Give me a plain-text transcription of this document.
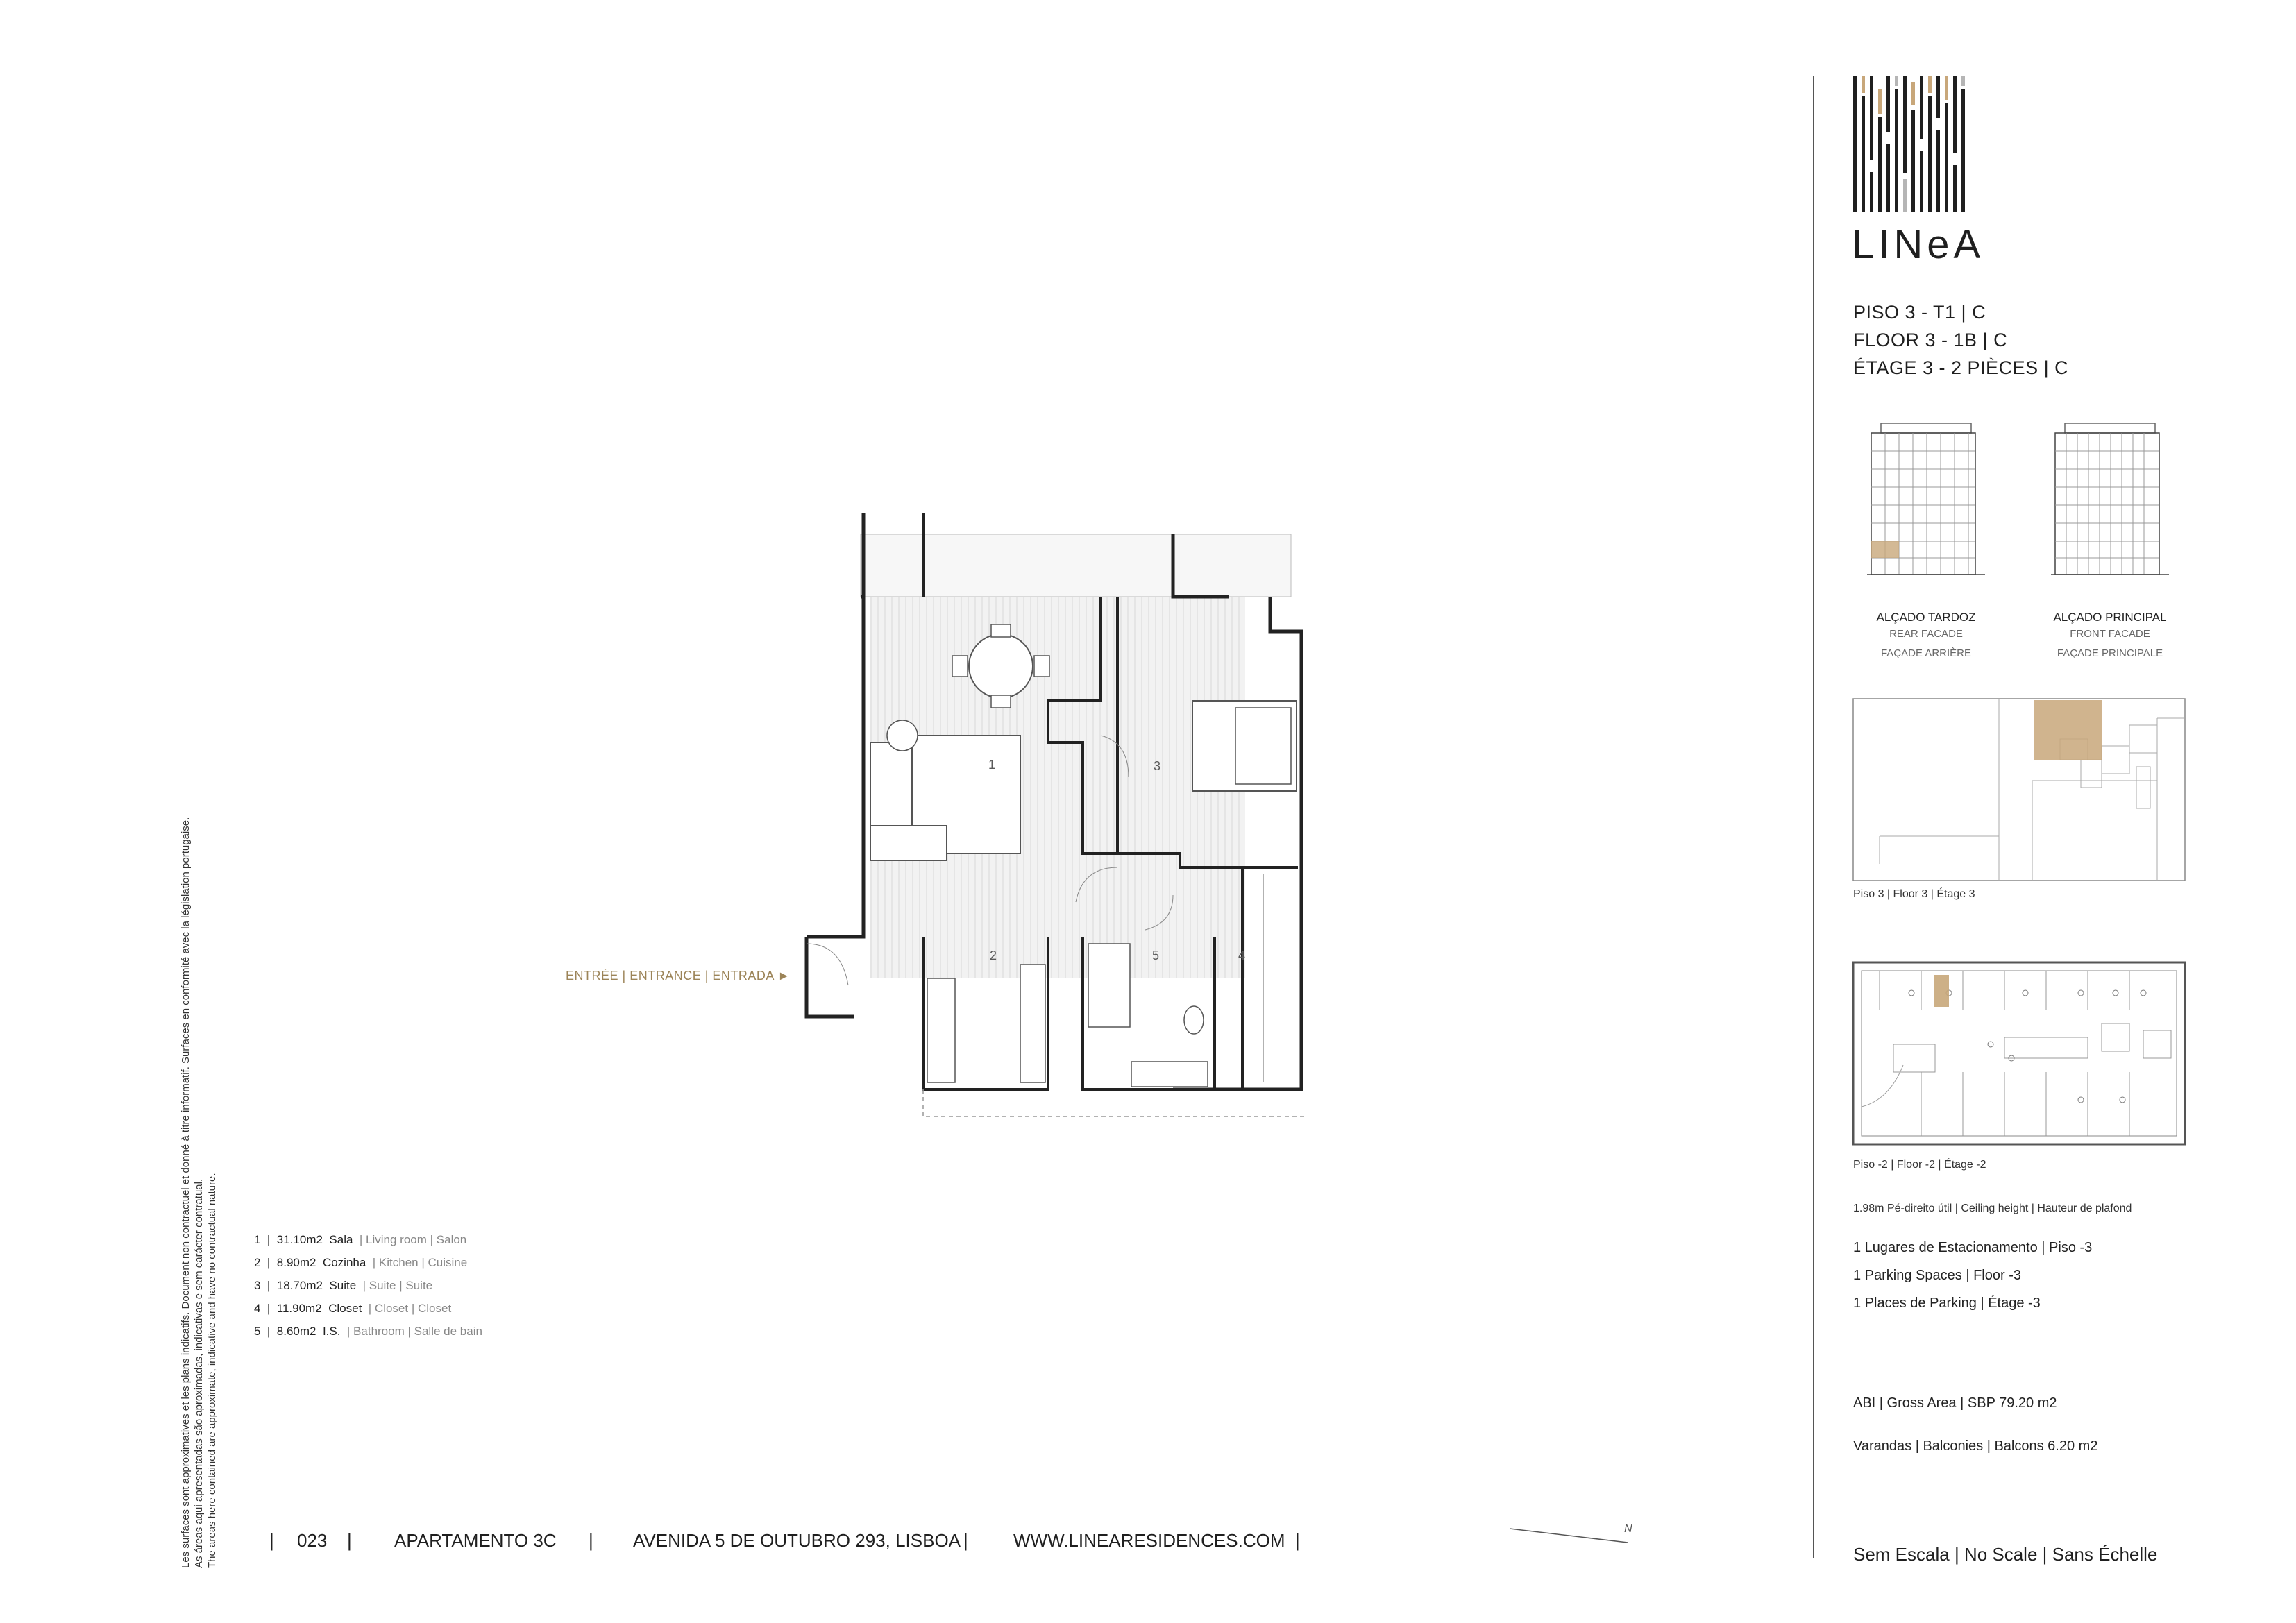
LINeA
PISO 3 - T1 | C
FLOOR 3 - 1B | C
ÉTAGE 3 - 2 PIÈCES | C
ALÇADO TARDOZ
REAR FACADE
FAÇADE ARRIÈRE
ALÇADO PRINCIPAL
FRONT FACADE
FAÇADE PRINCIPALE
Piso 3 | Floor 3 | Étage 3
Piso -2 | Floor -2 | Étage -2
1.98m Pé-direito útil | Ceiling height | Hauteur de plafond
1 Lugares de Estacionamento | Piso -3
1 Parking Spaces | Floor -3
1 Places de Parking | Étage -3
ABI | Gross Area | SBP 79.20 m2
Varandas | Balconies | Balcons 6.20 m2
Sem Escala | No Scale | Sans Échelle
1
2
3
4
5
ENTRÉE | ENTRANCE | ENTRADA ►
1  |  31.10m2 Sala | Living room | Salon
2  |  8.90m2 Cozinha | Kitchen | Cuisine
3  |  18.70m2 Suite | Suite | Suite
4  |  11.90m2 Closet | Closet | Closet
5  |  8.60m2 I.S. | Bathroom | Salle de bain
Les surfaces sont approximatives et les plans indicatifs. Document non contractuel et donné à titre informatif. Surfaces en conformité avec la législation portugaise. As áreas aqui apresentadas são aproximadas, indicativas e sem carácter contratual. The areas here contained are approximate, indicative and have no contractual nature.	| 023 | APARTAMENTO 3C | AVENIDA 5 DE OUTUBRO 293, LISBOA |	WWW.LINEARESIDENCES.COM |
N
